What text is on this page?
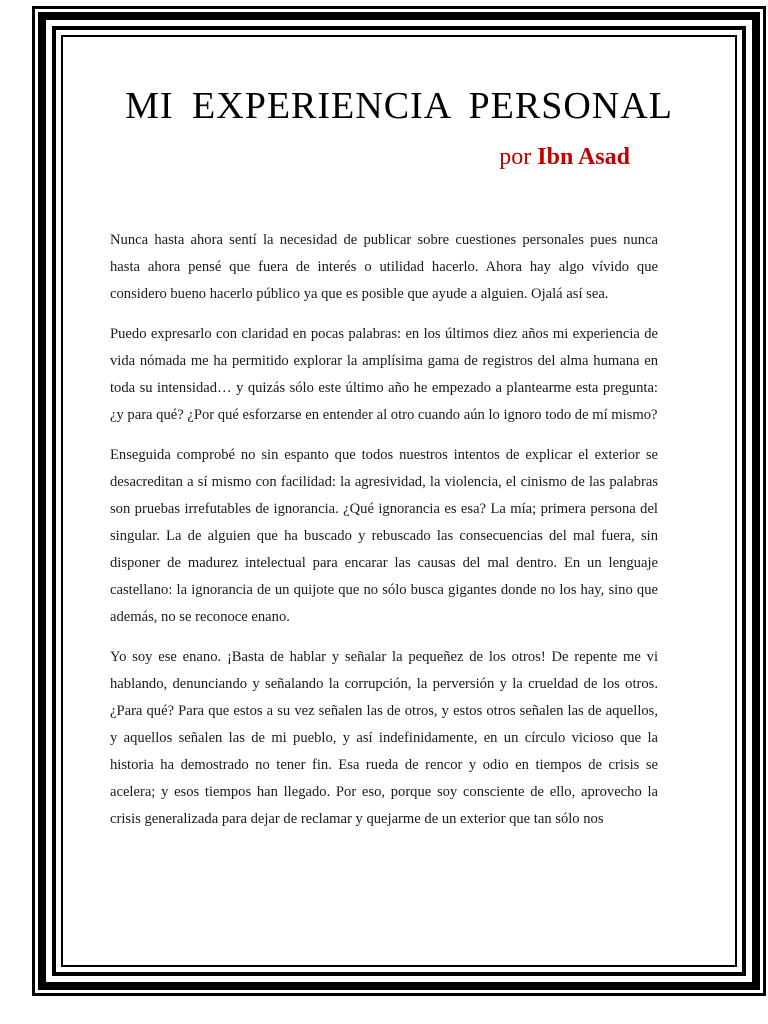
MI EXPERIENCIA PERSONAL
por Ibn Asad

Nunca hasta ahora sentí la necesidad de publicar sobre cuestiones personales pues nunca hasta ahora pensé que fuera de interés o utilidad hacerlo. Ahora hay algo vívido que considero bueno hacerlo público ya que es posible que ayude a alguien. Ojalá así sea.

Puedo expresarlo con claridad en pocas palabras: en los últimos diez años mi experiencia de vida nómada me ha permitido explorar la amplísima gama de registros del alma humana en toda su intensidad… y quizás sólo este último año he empezado a plantearme esta pregunta: ¿y para qué? ¿Por qué esforzarse en entender al otro cuando aún lo ignoro todo de mí mismo?

Enseguida comprobé no sin espanto que todos nuestros intentos de explicar el exterior se desacreditan a sí mismo con facilidad: la agresividad, la violencia, el cinismo de las palabras son pruebas irrefutables de ignorancia. ¿Qué ignorancia es esa? La mía; primera persona del singular. La de alguien que ha buscado y rebuscado las consecuencias del mal fuera, sin disponer de madurez intelectual para encarar las causas del mal dentro. En un lenguaje castellano: la ignorancia de un quijote que no sólo busca gigantes donde no los hay, sino que además, no se reconoce enano.

Yo soy ese enano. ¡Basta de hablar y señalar la pequeñez de los otros! De repente me vi hablando, denunciando y señalando la corrupción, la perversión y la crueldad de los otros. ¿Para qué? Para que estos a su vez señalen las de otros, y estos otros señalen las de aquellos, y aquellos señalen las de mi pueblo, y así indefinidamente, en un círculo vicioso que la historia ha demostrado no tener fin. Esa rueda de rencor y odio en tiempos de crisis se acelera; y esos tiempos han llegado. Por eso, porque soy consciente de ello, aprovecho la crisis generalizada para dejar de reclamar y quejarme de un exterior que tan sólo nos
